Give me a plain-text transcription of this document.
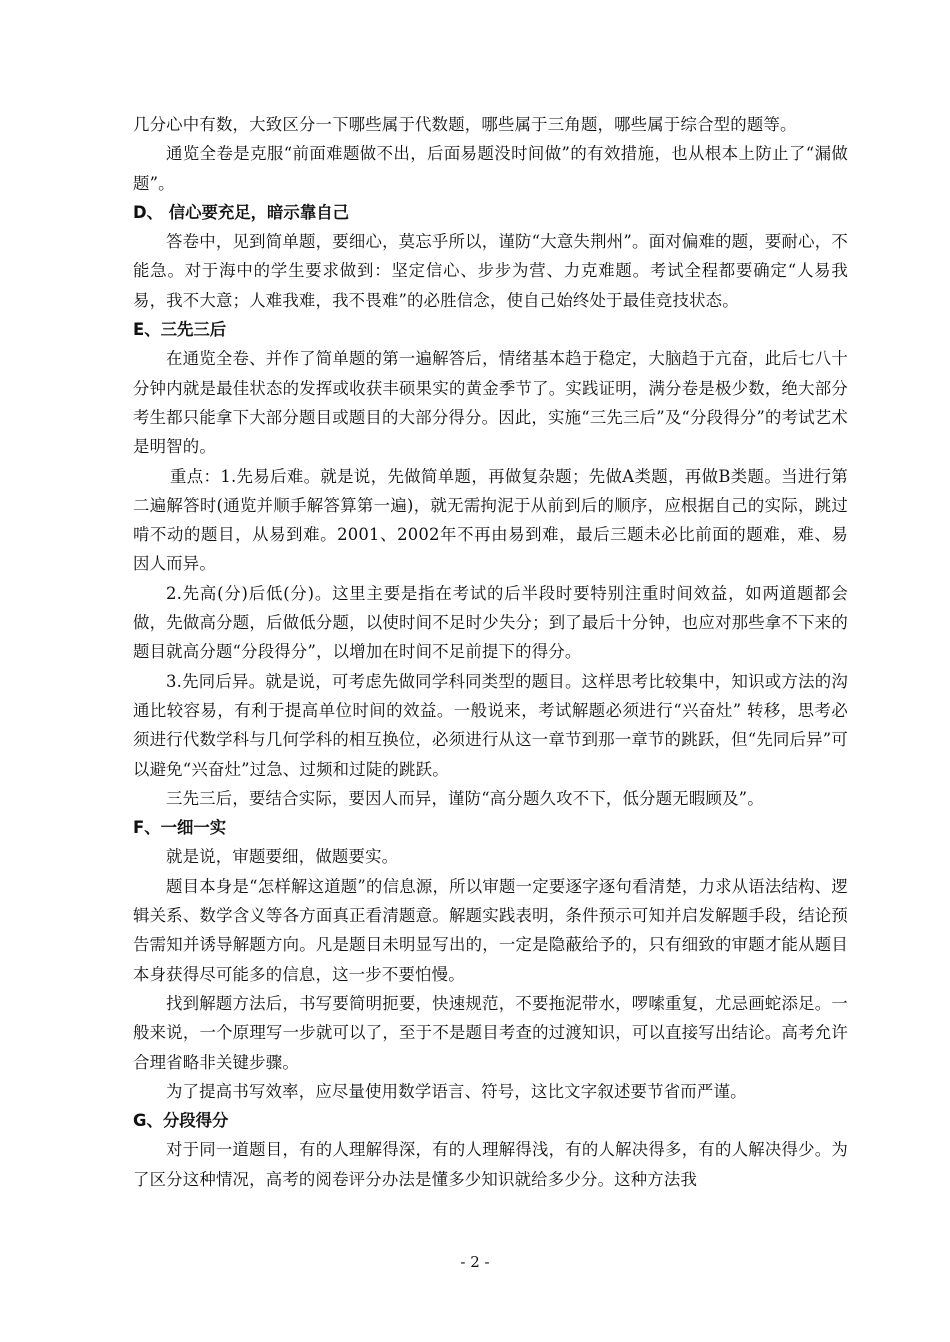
几分心中有数，大致区分一下哪些属于代数题，哪些属于三角题，哪些属于综合型的题等。

通览全卷是克服“前面难题做不出，后面易题没时间做”的有效措施，也从根本上防止了“漏做题”。

D、 信心要充足，暗示靠自己

答卷中，见到简单题，要细心，莫忘乎所以，谨防“大意失荆州”。面对偏难的题，要耐心，不能急。对于海中的学生要求做到：坚定信心、步步为营、力克难题。考试全程都要确定“人易我易，我不大意；人难我难，我不畏难”的必胜信念，使自己始终处于最佳竞技状态。

E、三先三后

在通览全卷、并作了简单题的第一遍解答后，情绪基本趋于稳定，大脑趋于亢奋，此后七八十分钟内就是最佳状态的发挥或收获丰硕果实的黄金季节了。实践证明，满分卷是极少数，绝大部分考生都只能拿下大部分题目或题目的大部分得分。因此，实施“三先三后”及“分段得分”的考试艺术是明智的。

重点：1.先易后难。就是说，先做简单题，再做复杂题；先做A类题，再做B类题。当进行第二遍解答时(通览并顺手解答算第一遍)，就无需拘泥于从前到后的顺序，应根据自己的实际，跳过啃不动的题目，从易到难。2001、2002年不再由易到难，最后三题未必比前面的题难，难、易因人而异。

2.先高(分)后低(分)。这里主要是指在考试的后半段时要特别注重时间效益，如两道题都会做，先做高分题，后做低分题，以使时间不足时少失分；到了最后十分钟，也应对那些拿不下来的题目就高分题“分段得分”，以增加在时间不足前提下的得分。

3.先同后异。就是说，可考虑先做同学科同类型的题目。这样思考比较集中，知识或方法的沟通比较容易，有利于提高单位时间的效益。一般说来，考试解题必须进行“兴奋灶” 转移，思考必须进行代数学科与几何学科的相互换位，必须进行从这一章节到那一章节的跳跃，但“先同后异”可以避免“兴奋灶”过急、过频和过陡的跳跃。

三先三后，要结合实际，要因人而异，谨防“高分题久攻不下，低分题无暇顾及”。

F、一细一实

就是说，审题要细，做题要实。

题目本身是“怎样解这道题”的信息源，所以审题一定要逐字逐句看清楚，力求从语法结构、逻辑关系、数学含义等各方面真正看清题意。解题实践表明，条件预示可知并启发解题手段，结论预告需知并诱导解题方向。凡是题目未明显写出的，一定是隐蔽给予的，只有细致的审题才能从题目本身获得尽可能多的信息，这一步不要怕慢。

找到解题方法后，书写要简明扼要，快速规范，不要拖泥带水，啰嗦重复，尤忌画蛇添足。一般来说，一个原理写一步就可以了，至于不是题目考查的过渡知识，可以直接写出结论。高考允许合理省略非关键步骤。

为了提高书写效率，应尽量使用数学语言、符号，这比文字叙述要节省而严谨。

G、分段得分

对于同一道题目，有的人理解得深，有的人理解得浅，有的人解决得多，有的人解决得少。为了区分这种情况，高考的阅卷评分办法是懂多少知识就给多少分。这种方法我

- 2 -
